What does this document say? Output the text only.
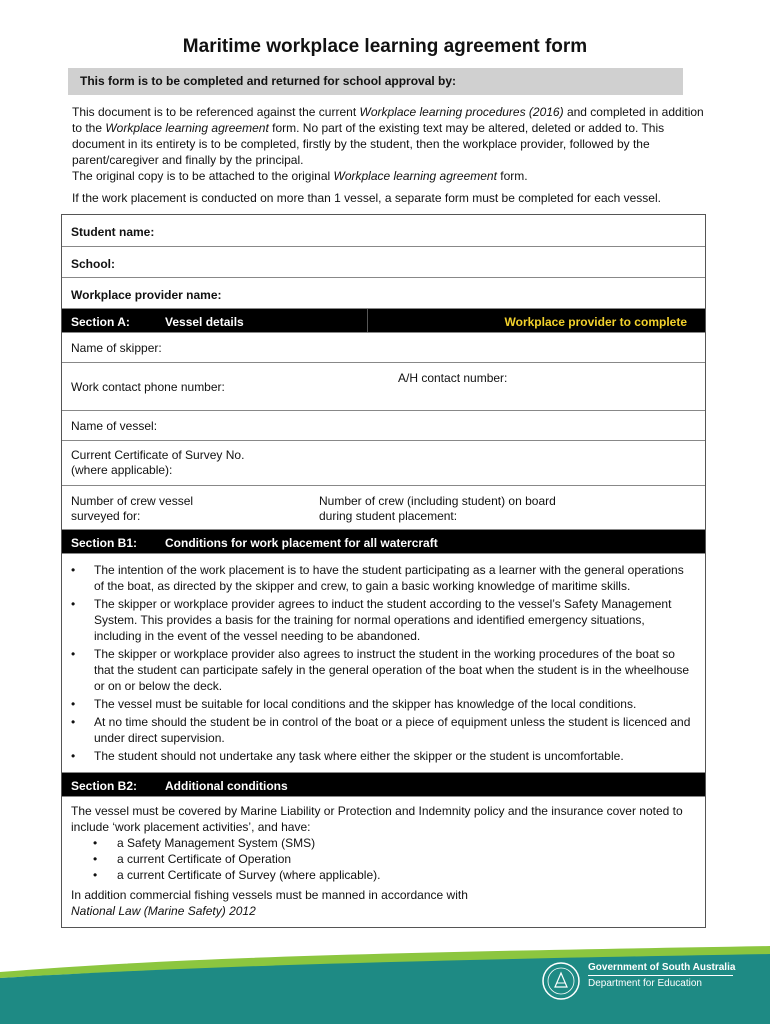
Maritime workplace learning agreement form
This form is to be completed and returned for school approval by:

This document is to be referenced against the current Workplace learning procedures (2016) and completed in addition to the Workplace learning agreement form. No part of the existing text may be altered, deleted or added to. This document in its entirety is to be completed, firstly by the student, then the workplace provider, followed by the parent/caregiver and finally by the principal.
The original copy is to be attached to the original Workplace learning agreement form.

If the work placement is conducted on more than 1 vessel, a separate form must be completed for each vessel.

Student name:
School:
Workplace provider name:
Section A:	Vessel details	Workplace provider to complete
Name of skipper:
Work contact phone number:
A/H contact number:
Name of vessel:
Current Certificate of Survey No. (where applicable):
Number of crew vessel surveyed for:
Number of crew (including student) on board during student placement:
Section B1: Conditions for work placement for all watercraft
• The intention of the work placement is to have the student participating as a learner with the general operations of the boat, as directed by the skipper and crew, to gain a basic working knowledge of maritime skills.
• The skipper or workplace provider agrees to induct the student according to the vessel’s Safety Management System. This provides a basis for the training for normal operations and identified emergency situations, including in the event of the vessel needing to be abandoned.
• The skipper or workplace provider also agrees to instruct the student in the working procedures of the boat so that the student can participate safely in the general operation of the boat when the student is in the wheelhouse or on or below the deck.
• The vessel must be suitable for local conditions and the skipper has knowledge of the local conditions.
• At no time should the student be in control of the boat or a piece of equipment unless the student is licenced and under direct supervision.
• The student should not undertake any task where either the skipper or the student is uncomfortable.
Section B2: Additional conditions
The vessel must be covered by Marine Liability or Protection and Indemnity policy and the insurance cover noted to include ‘work placement activities’, and have:
• a Safety Management System (SMS)
• a current Certificate of Operation
• a current Certificate of Survey (where applicable).
In addition commercial fishing vessels must be manned in accordance with
National Law (Marine Safety) 2012
Government of South Australia
Department for Education
